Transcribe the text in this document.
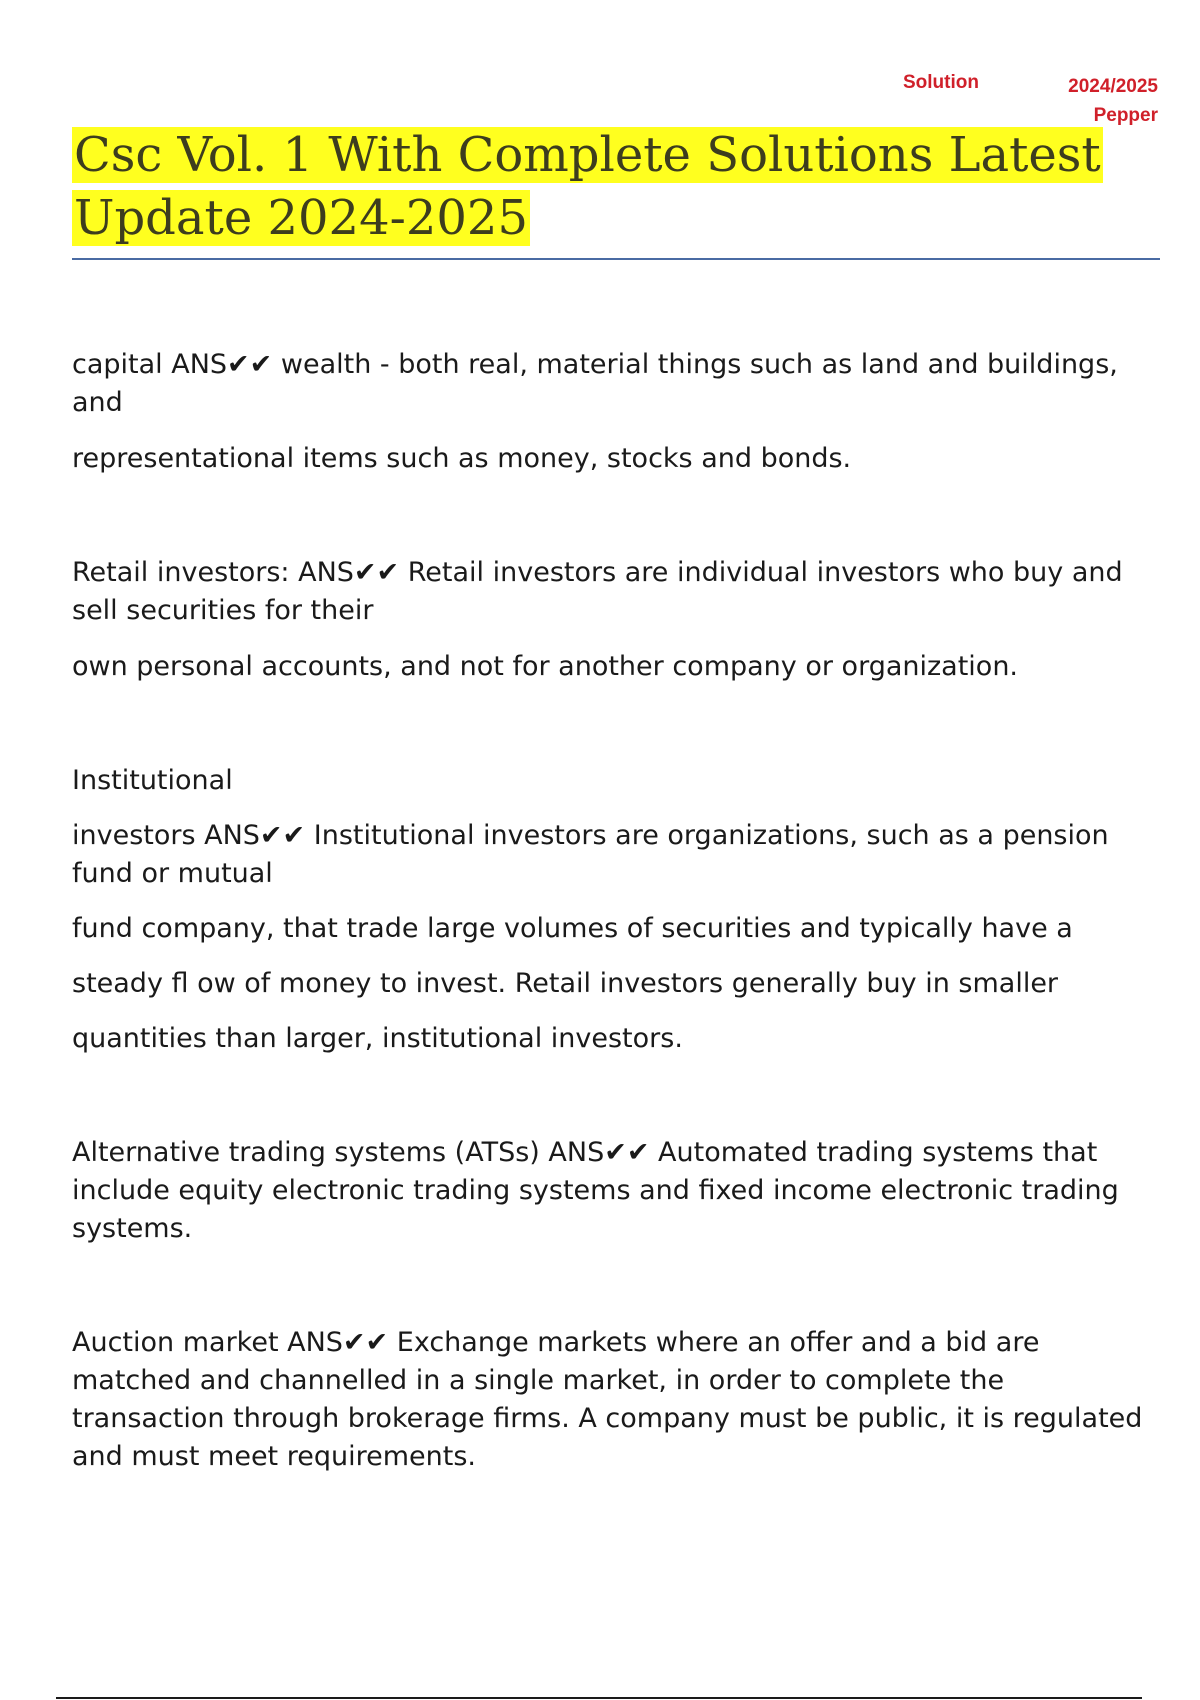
Solution	2024/2025
Pepper
Csc Vol. 1 With Complete Solutions Latest Update 2024-2025

capital ANS✔✔ wealth - both real, material things such as land and buildings, and

representational items such as money, stocks and bonds.

Retail investors: ANS✔✔ Retail investors are individual investors who buy and sell securities for their

own personal accounts, and not for another company or organization.

Institutional

investors ANS✔✔ Institutional investors are organizations, such as a pension fund or mutual

fund company, that trade large volumes of securities and typically have a

steady fl ow of money to invest. Retail investors generally buy in smaller

quantities than larger, institutional investors.

Alternative trading systems (ATSs) ANS✔✔ Automated trading systems that include equity electronic trading systems and fixed income electronic trading systems.

Auction market ANS✔✔ Exchange markets where an offer and a bid are matched and channelled in a single market, in order to complete the transaction through brokerage firms. A company must be public, it is regulated and must meet requirements.
